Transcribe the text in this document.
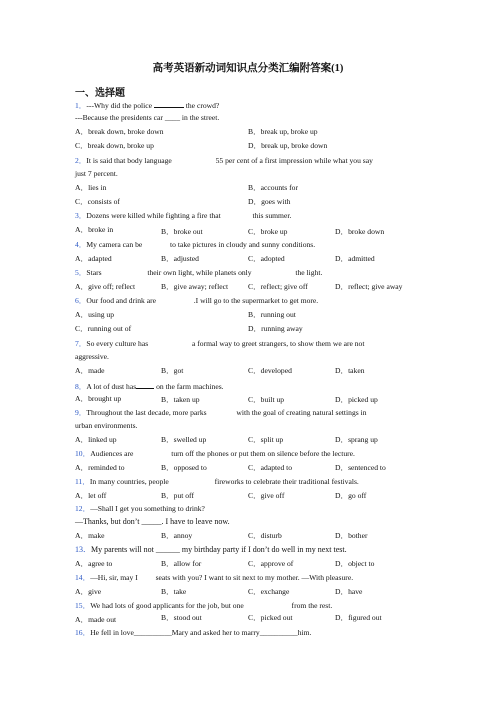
高考英语新动词知识点分类汇编附答案(1)
一、选择题
1．---Why did the police	the crowd?
---Because the presidents car ____ in the street.
A．break down, broke down	B．break up, broke up
C．break down, broke up	D．break up, broke down
2．It is said that body language	55 per cent of a first impression while what you say
just 7 percent.
A．lies in	B．accounts for
C．consists of	D．goes with
3．Dozens were killed while fighting a fire that	this summer.
A．broke in	B．broke out	C．broke up	D．broke down
4．My camera can be	to take pictures in cloudy and sunny conditions.
A．adapted	B．adjusted	C．adopted	D．admitted
5．Stars	their own light, while planets only	the light.
A．give off; reflect	B．give away; reflect	C．reflect; give off	D．reflect; give away
6．Our food and drink are	.I will go to the supermarket to get more.
A．using up	B．running out
C．running out of	D．running away
7．So every culture has	a formal way to greet strangers, to show them we are not
aggressive.
A．made	B．got	C．developed	D．taken
8．A lot of dust has on the farm machines.
A．brought up	B．taken up	C．built up	D．picked up
9．Throughout the last decade, more parks	with the goal of creating natural settings in
urban environments.
A．linked up	B．swelled up	C．split up	D．sprang up
10．Audiences are	turn off the phones or put them on silence before the lecture.
A．reminded to	B．opposed to	C．adapted to	D．sentenced to
11．In many countries, people	fireworks to celebrate their traditional festivals.
A．let off	B．put off	C．give off	D．go off
12．—Shall I get you something to drink?
—Thanks, but don’t _____. I have to leave now.
A．make	B．annoy	C．disturb	D．bother
13．My parents will not ______ my birthday party if I don’t do well in my next test.
A．agree to	B．allow for	C．approve of	D．object to
14．—Hi, sir, may I  seats with you? I want to sit next to my mother. —With pleasure.
A．give	B．take	C．exchange	D．have
15．We had lots of good applicants for the job, but one	from the rest.
A．made out	B．stood out	C．picked out	D．figured out
16．He fell in love__________Mary and asked her to marry__________him.
